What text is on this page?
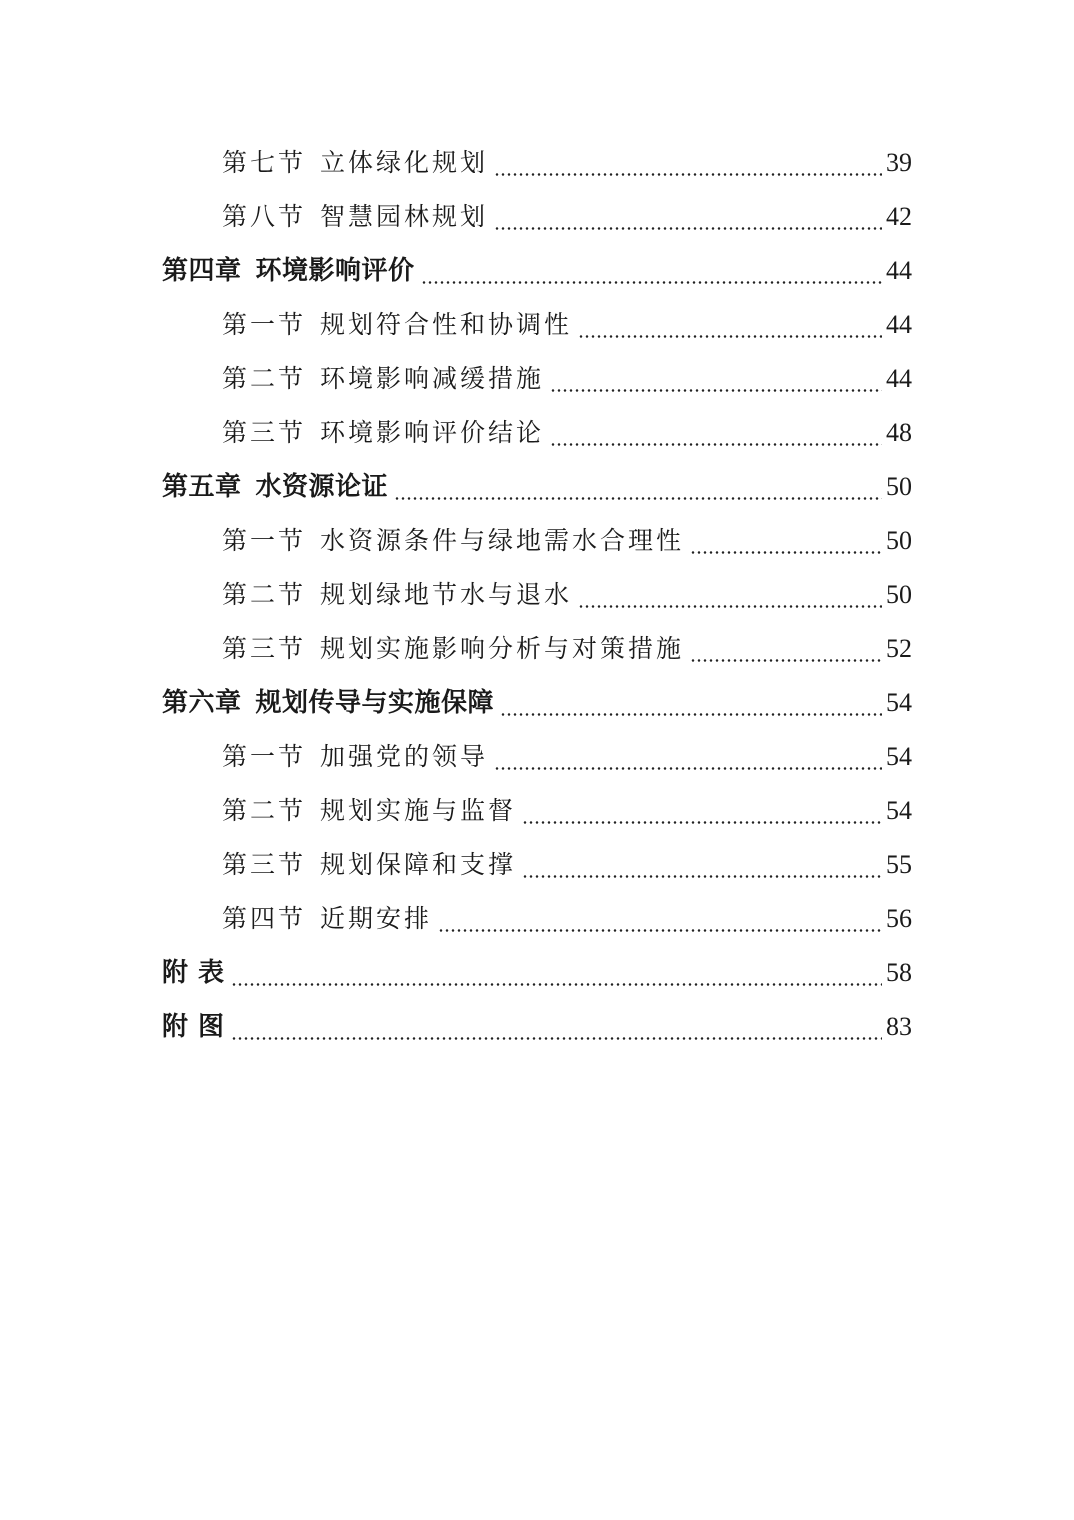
第七节 立体绿化规划	39
第八节 智慧园林规划	42
第四章 环境影响评价	44
第一节 规划符合性和协调性	44
第二节 环境影响减缓措施	44
第三节 环境影响评价结论	48
第五章 水资源论证	50
第一节 水资源条件与绿地需水合理性	50
第二节 规划绿地节水与退水	50
第三节 规划实施影响分析与对策措施	52
第六章 规划传导与实施保障	54
第一节 加强党的领导	54
第二节 规划实施与监督	54
第三节 规划保障和支撑	55
第四节 近期安排	56
附 表	58
附 图	83
